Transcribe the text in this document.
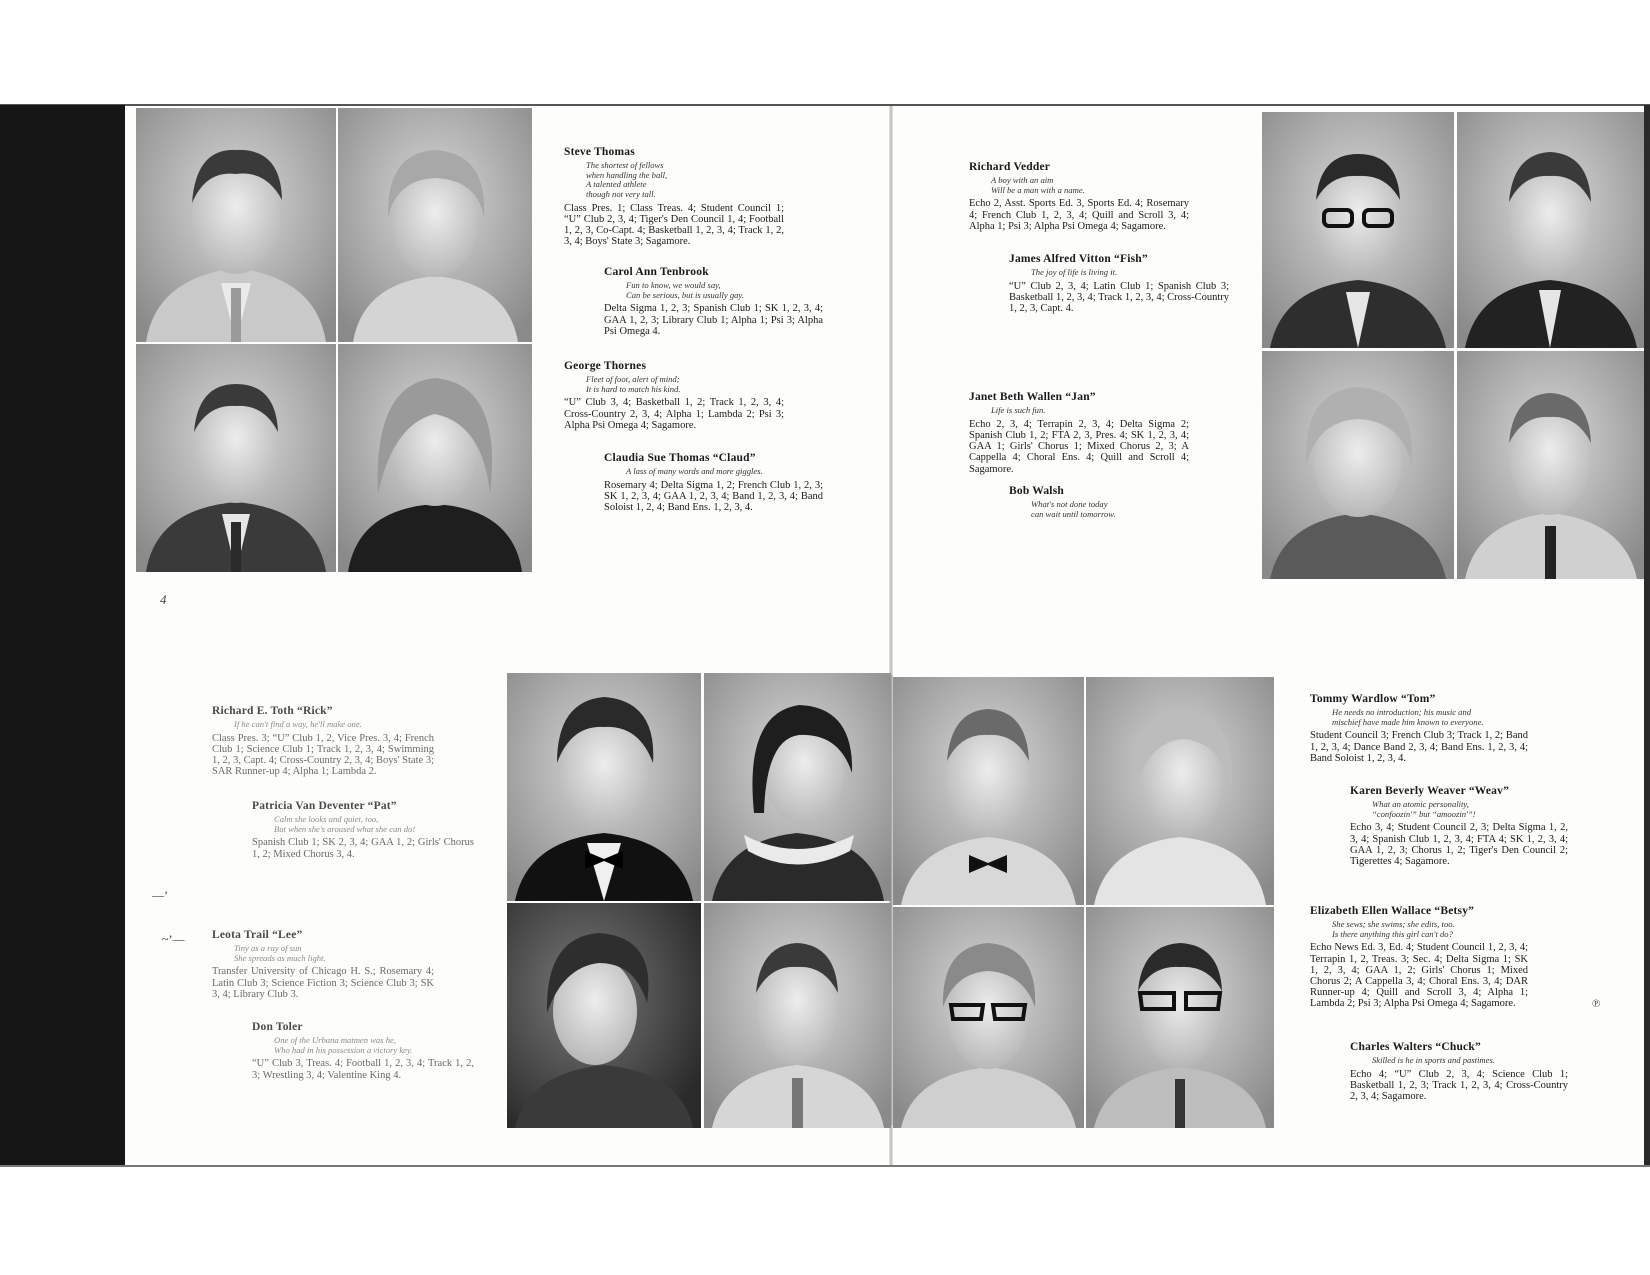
Steve Thomas
The shortest of fellows
when handling the ball,
A talented athlete
though not very tall.
Class Pres. 1; Class Treas. 4; Student Council 1; “U” Club 2, 3, 4; Tiger's Den Council 1, 4; Football 1, 2, 3, Co-Capt. 4; Basketball 1, 2, 3, 4; Track 1, 2, 3, 4; Boys' State 3; Sagamore.
Carol Ann Tenbrook
Fun to know, we would say,
Can be serious, but is usually gay.
Delta Sigma 1, 2, 3; Spanish Club 1; SK 1, 2, 3, 4; GAA 1, 2, 3; Library Club 1; Alpha 1; Psi 3; Alpha Psi Omega 4.
George Thornes
Fleet of foot, alert of mind;
It is hard to match his kind.
“U” Club 3, 4; Basketball 1, 2; Track 1, 2, 3, 4; Cross-Country 2, 3, 4; Alpha 1; Lambda 2; Psi 3; Alpha Psi Omega 4; Sagamore.
Claudia Sue Thomas “Claud”
A lass of many words and more giggles.
Rosemary 4; Delta Sigma 1, 2; French Club 1, 2, 3; SK 1, 2, 3, 4; GAA 1, 2, 3, 4; Band 1, 2, 3, 4; Band Soloist 1, 2, 4; Band Ens. 1, 2, 3, 4.
Richard Vedder
A boy with an aim
Will be a man with a name.
Echo 2, Asst. Sports Ed. 3, Sports Ed. 4; Rosemary 4; French Club 1, 2, 3, 4; Quill and Scroll 3, 4; Alpha 1; Psi 3; Alpha Psi Omega 4; Sagamore.
James Alfred Vitton “Fish”
The joy of life is living it.
“U” Club 2, 3, 4; Latin Club 1; Spanish Club 3; Basketball 1, 2, 3, 4; Track 1, 2, 3, 4; Cross-Country 1, 2, 3, Capt. 4.
Janet Beth Wallen “Jan”
Life is such fun.
Echo 2, 3, 4; Terrapin 2, 3, 4; Delta Sigma 2; Spanish Club 1, 2; FTA 2, 3, Pres. 4; SK 1, 2, 3, 4; GAA 1; Girls' Chorus 1; Mixed Chorus 2, 3; A Cappella 4; Choral Ens. 4; Quill and Scroll 4; Sagamore.
Bob Walsh
What's not done today
can wait until tomorrow.
4
Richard E. Toth “Rick”
If he can't find a way, he'll make one.
Class Pres. 3; “U” Club 1, 2, Vice Pres. 3, 4; French Club 1; Science Club 1; Track 1, 2, 3, 4; Swimming 1, 2, 3, Capt. 4; Cross-Country 2, 3, 4; Boys' State 3; SAR Runner-up 4; Alpha 1; Lambda 2.
Patricia Van Deventer “Pat”
Calm she looks and quiet, too,
But when she's aroused what she can do!
Spanish Club 1; SK 2, 3, 4; GAA 1, 2; Girls' Chorus 1, 2; Mixed Chorus 3, 4.
Leota Trail “Lee”
Tiny as a ray of sun
She spreads as much light.
Transfer University of Chicago H. S.; Rosemary 4; Latin Club 3; Science Fiction 3; Science Club 3; SK 3, 4; Library Club 3.
Don Toler
One of the Urbana matmen was he,
Who had in his possession a victory key.
“U” Club 3, Treas. 4; Football 1, 2, 3, 4; Track 1, 2, 3; Wrestling 3, 4; Valentine King 4.
—’
~’—
℗
Tommy Wardlow “Tom”
He needs no introduction; his music and
mischief have made him known to everyone.
Student Council 3; French Club 3; Track 1, 2; Band 1, 2, 3, 4; Dance Band 2, 3, 4; Band Ens. 1, 2, 3, 4; Band Soloist 1, 2, 3, 4.
Karen Beverly Weaver “Weav”
What an atomic personality,
“confoozin'” but “amoozin'”!
Echo 3, 4; Student Council 2, 3; Delta Sigma 1, 2, 3, 4; Spanish Club 1, 2, 3, 4; FTA 4; SK 1, 2, 3, 4; GAA 1, 2, 3; Chorus 1, 2; Tiger's Den Council 2; Tigerettes 4; Sagamore.
Elizabeth Ellen Wallace “Betsy”
She sews; she swims; she edits, too.
Is there anything this girl can't do?
Echo News Ed. 3, Ed. 4; Student Council 1, 2, 3, 4; Terrapin 1, 2, Treas. 3; Sec. 4; Delta Sigma 1; SK 1, 2, 3, 4; GAA 1, 2; Girls' Chorus 1; Mixed Chorus 2; A Cappella 3, 4; Choral Ens. 3, 4; DAR Runner-up 4; Quill and Scroll 3, 4; Alpha 1; Lambda 2; Psi 3; Alpha Psi Omega 4; Sagamore.
Charles Walters “Chuck”
Skilled is he in sports and pastimes.
Echo 4; “U” Club 2, 3, 4; Science Club 1; Basketball 1, 2, 3; Track 1, 2, 3, 4; Cross-Country 2, 3, 4; Sagamore.
